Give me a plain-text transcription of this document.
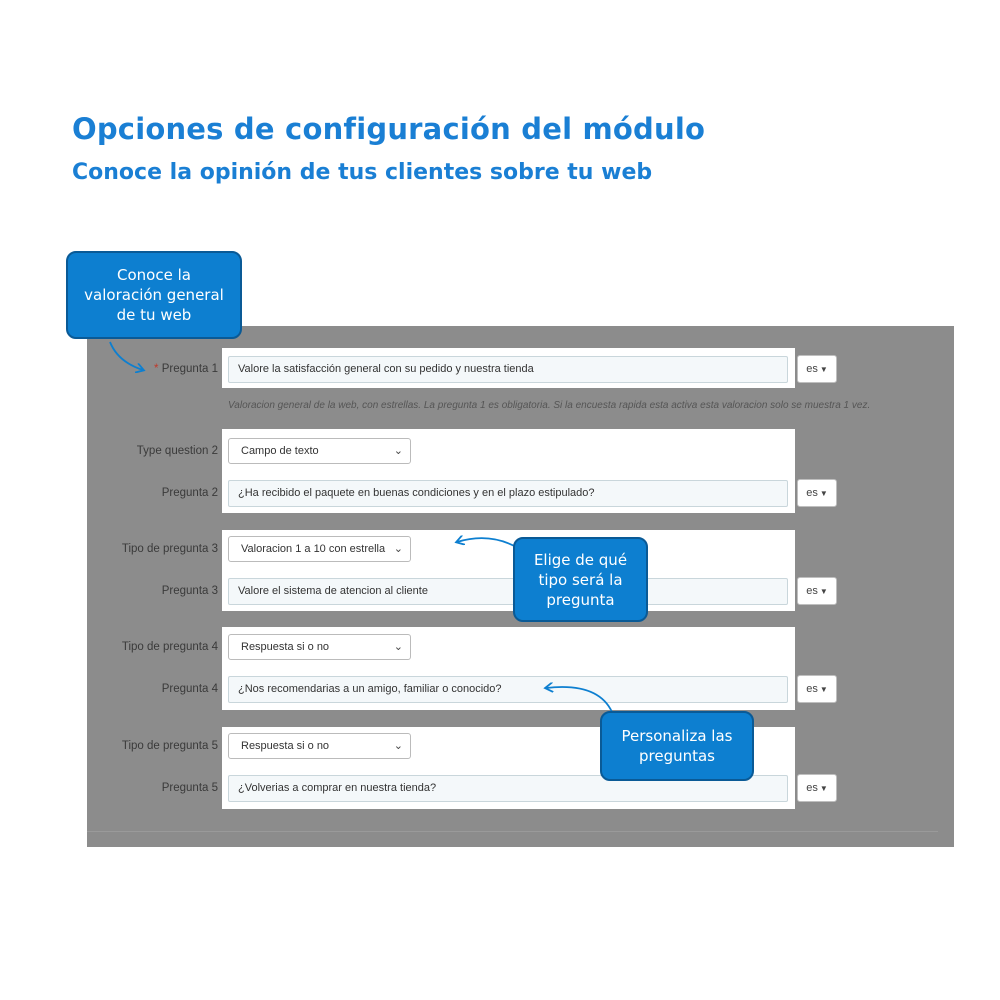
Opciones de configuración del módulo
Conoce la opinión de tus clientes sobre tu web
* Pregunta 1	Valore la satisfacción general con su pedido y nuestra tienda	es ▼
Valoracion general de la web, con estrellas. La pregunta 1 es obligatoria. Si la encuesta rapida esta activa esta valoracion solo se muestra 1 vez.
Type question 2	Campo de texto	⌄
Pregunta 2	¿Ha recibido el paquete en buenas condiciones y en el plazo estipulado?	es ▼
Tipo de pregunta 3	Valoracion 1 a 10 con estrella ⌄
Pregunta 3	Valore el sistema de atencion al cliente	es ▼
Tipo de pregunta 4	Respuesta si o no	⌄
Pregunta 4	¿Nos recomendarias a un amigo, familiar o conocido?	es ▼
Tipo de pregunta 5	Respuesta si o no	⌄
Pregunta 5	¿Volverias a comprar en nuestra tienda?	es ▼
Conoce la
valoración general
de tu web
Elige de qué
tipo será la
pregunta
Personaliza las
preguntas
